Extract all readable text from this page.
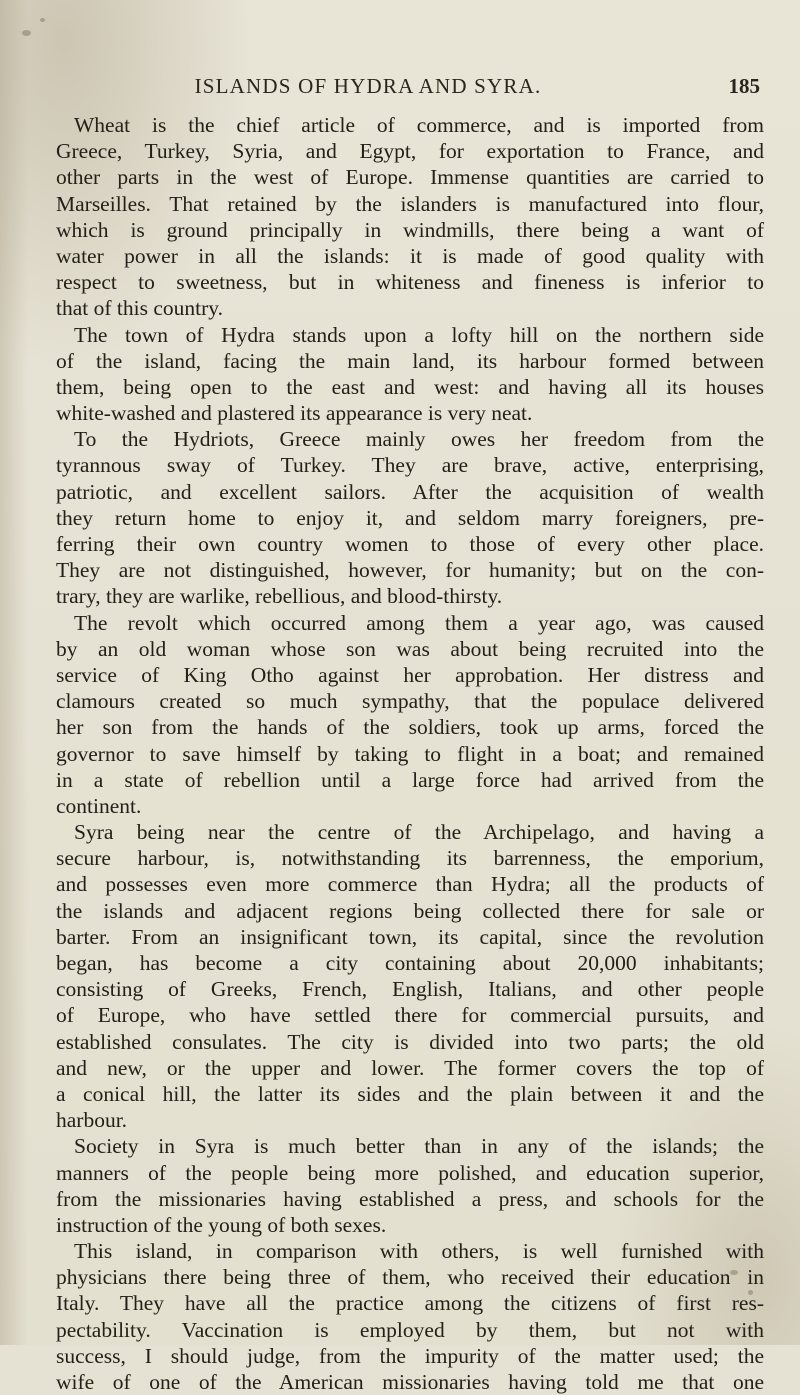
ISLANDS OF HYDRA AND SYRA.	185
Wheat is the chief article of commerce, and is imported from
Greece, Turkey, Syria, and Egypt, for exportation to France, and
other parts in the west of Europe. Immense quantities are carried to
Marseilles. That retained by the islanders is manufactured into flour,
which is ground principally in windmills, there being a want of
water power in all the islands: it is made of good quality with
respect to sweetness, but in whiteness and fineness is inferior to
that of this country.
The town of Hydra stands upon a lofty hill on the northern side
of the island, facing the main land, its harbour formed between
them, being open to the east and west: and having all its houses
white-washed and plastered its appearance is very neat.
To the Hydriots, Greece mainly owes her freedom from the
tyrannous sway of Turkey. They are brave, active, enterprising,
patriotic, and excellent sailors. After the acquisition of wealth
they return home to enjoy it, and seldom marry foreigners, pre-
ferring their own country women to those of every other place.
They are not distinguished, however, for humanity; but on the con-
trary, they are warlike, rebellious, and blood-thirsty.
The revolt which occurred among them a year ago, was caused
by an old woman whose son was about being recruited into the
service of King Otho against her approbation. Her distress and
clamours created so much sympathy, that the populace delivered
her son from the hands of the soldiers, took up arms, forced the
governor to save himself by taking to flight in a boat; and remained
in a state of rebellion until a large force had arrived from the
continent.
Syra being near the centre of the Archipelago, and having a
secure harbour, is, notwithstanding its barrenness, the emporium,
and possesses even more commerce than Hydra; all the products of
the islands and adjacent regions being collected there for sale or
barter. From an insignificant town, its capital, since the revolution
began, has become a city containing about 20,000 inhabitants;
consisting of Greeks, French, English, Italians, and other people
of Europe, who have settled there for commercial pursuits, and
established consulates. The city is divided into two parts; the old
and new, or the upper and lower. The former covers the top of
a conical hill, the latter its sides and the plain between it and the
harbour.
Society in Syra is much better than in any of the islands; the
manners of the people being more polished, and education superior,
from the missionaries having established a press, and schools for the
instruction of the young of both sexes.
This island, in comparison with others, is well furnished with
physicians there being three of them, who received their education in
Italy. They have all the practice among the citizens of first res-
pectability. Vaccination is employed by them, but not with
success, I should judge, from the impurity of the matter used; the
wife of one of the American missionaries having told me that one
